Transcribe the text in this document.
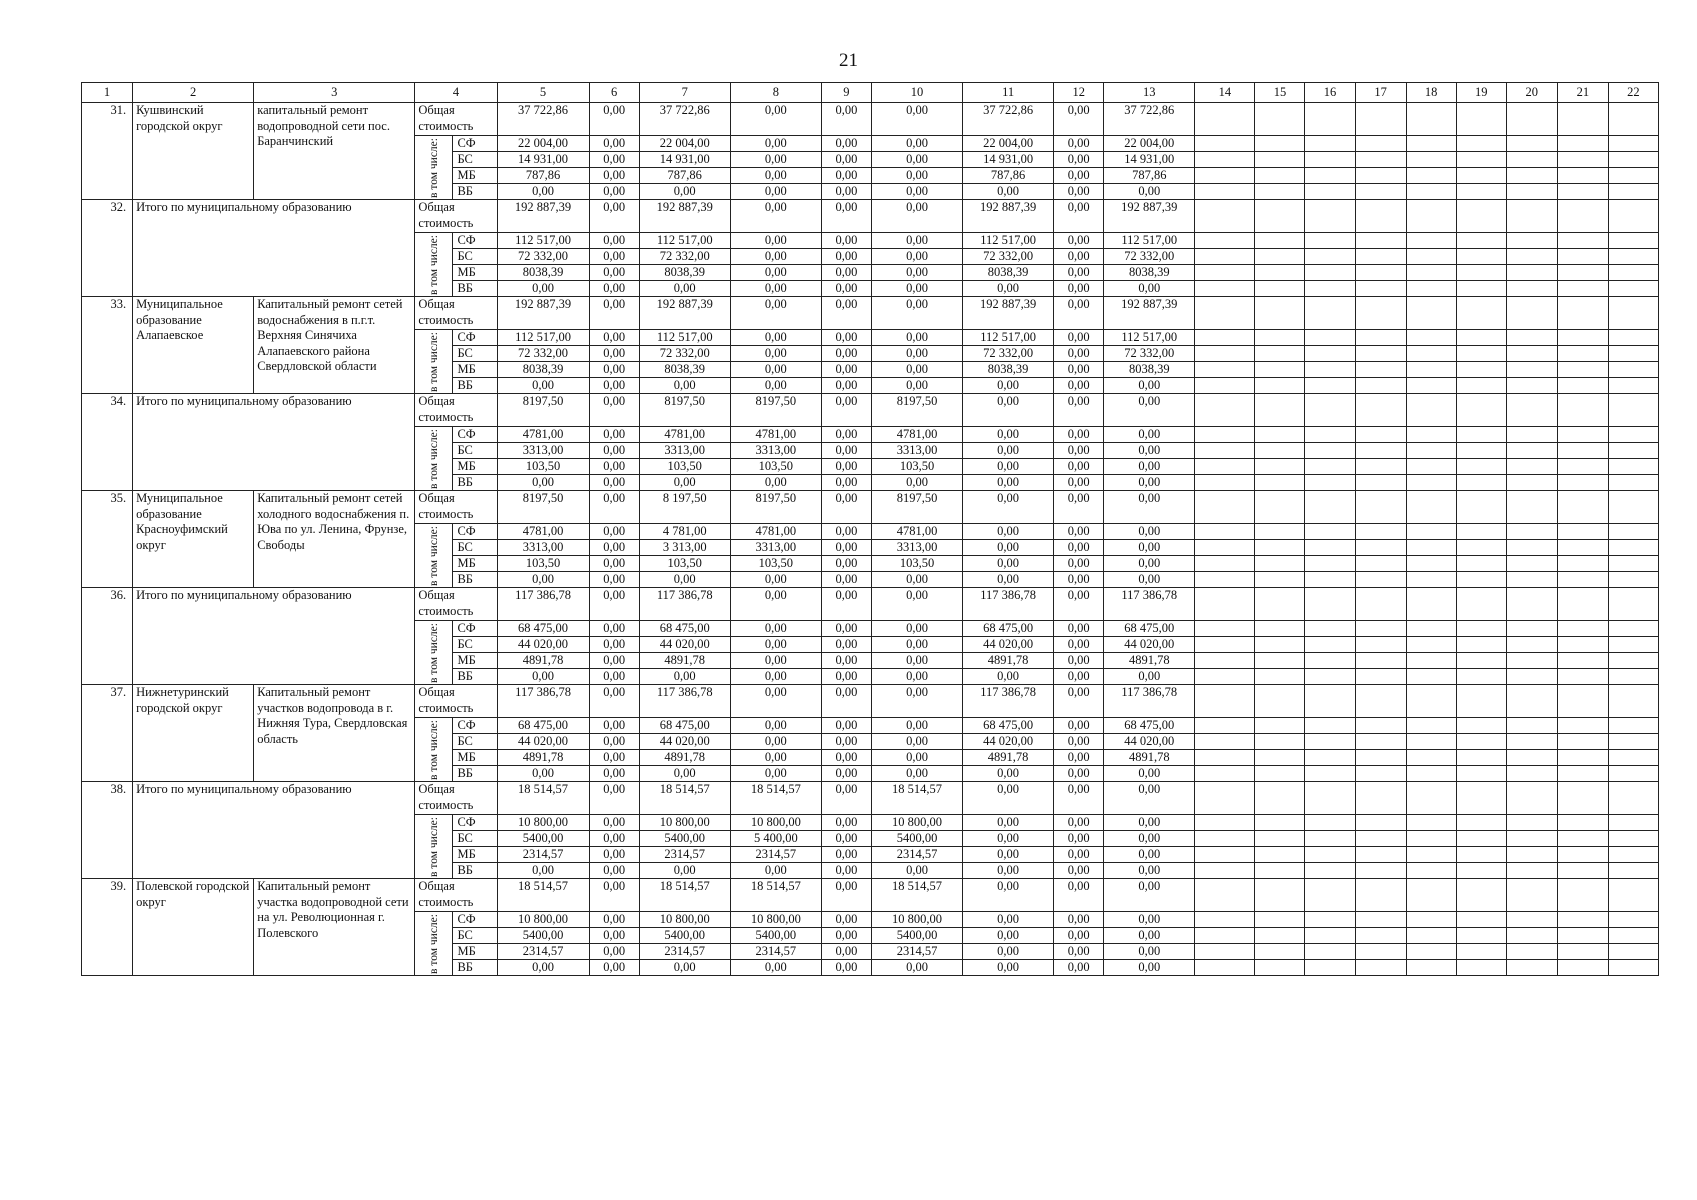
21
1	2	3	4		5	6	7	8	9	10	11	12	13	14	15	16	17	18	19	20	21	22
31.	Кушвинский городской округ	капитальный ремонт водопроводной сети пос. Баранчинский	Общая стоимость		37 722,86	0,00	37 722,86	0,00	0,00	0,00	37 722,86	0,00	37 722,86									

			в том числе:	СФ	22 004,00	0,00	22 004,00	0,00	0,00	0,00	22 004,00	0,00	22 004,00									
				БС	14 931,00	0,00	14 931,00	0,00	0,00	0,00	14 931,00	0,00	14 931,00									
				МБ	787,86	0,00	787,86	0,00	0,00	0,00	787,86	0,00	787,86									
				ВБ	0,00	0,00	0,00	0,00	0,00	0,00	0,00	0,00	0,00									
32.	Итого по муниципальному образованию		Общая стоимость		192 887,39	0,00	192 887,39	0,00	0,00	0,00	192 887,39	0,00	192 887,39									

			в том числе:	СФ	112 517,00	0,00	112 517,00	0,00	0,00	0,00	112 517,00	0,00	112 517,00									
				БС	72 332,00	0,00	72 332,00	0,00	0,00	0,00	72 332,00	0,00	72 332,00									
				МБ	8038,39	0,00	8038,39	0,00	0,00	0,00	8038,39	0,00	8038,39									
				ВБ	0,00	0,00	0,00	0,00	0,00	0,00	0,00	0,00	0,00									
33.	Муниципальное образование Алапаевское	Капитальный ремонт сетей водоснабжения в п.г.т. Верхняя Синячиха Алапаевского района Свердловской области	Общая стоимость		192 887,39	0,00	192 887,39	0,00	0,00	0,00	192 887,39	0,00	192 887,39									

			в том числе:	СФ	112 517,00	0,00	112 517,00	0,00	0,00	0,00	112 517,00	0,00	112 517,00									
				БС	72 332,00	0,00	72 332,00	0,00	0,00	0,00	72 332,00	0,00	72 332,00									
				МБ	8038,39	0,00	8038,39	0,00	0,00	0,00	8038,39	0,00	8038,39									
				ВБ	0,00	0,00	0,00	0,00	0,00	0,00	0,00	0,00	0,00									
34.	Итого по муниципальному образованию		Общая стоимость		8197,50	0,00	8197,50	8197,50	0,00	8197,50	0,00	0,00	0,00									

			в том числе:	СФ	4781,00	0,00	4781,00	4781,00	0,00	4781,00	0,00	0,00	0,00									
				БС	3313,00	0,00	3313,00	3313,00	0,00	3313,00	0,00	0,00	0,00									
				МБ	103,50	0,00	103,50	103,50	0,00	103,50	0,00	0,00	0,00									
				ВБ	0,00	0,00	0,00	0,00	0,00	0,00	0,00	0,00	0,00									
35.	Муниципальное образование Красноуфимский округ	Капитальный ремонт сетей холодного водоснабжения п. Юва по ул. Ленина, Фрунзе, Свободы	Общая стоимость		8197,50	0,00	8 197,50	8197,50	0,00	8197,50	0,00	0,00	0,00									

			в том числе:	СФ	4781,00	0,00	4 781,00	4781,00	0,00	4781,00	0,00	0,00	0,00									
				БС	3313,00	0,00	3 313,00	3313,00	0,00	3313,00	0,00	0,00	0,00									
				МБ	103,50	0,00	103,50	103,50	0,00	103,50	0,00	0,00	0,00									
				ВБ	0,00	0,00	0,00	0,00	0,00	0,00	0,00	0,00	0,00									
36.	Итого по муниципальному образованию		Общая стоимость		117 386,78	0,00	117 386,78	0,00	0,00	0,00	117 386,78	0,00	117 386,78									

			в том числе:	СФ	68 475,00	0,00	68 475,00	0,00	0,00	0,00	68 475,00	0,00	68 475,00									
				БС	44 020,00	0,00	44 020,00	0,00	0,00	0,00	44 020,00	0,00	44 020,00									
				МБ	4891,78	0,00	4891,78	0,00	0,00	0,00	4891,78	0,00	4891,78									
				ВБ	0,00	0,00	0,00	0,00	0,00	0,00	0,00	0,00	0,00									
37.	Нижнетуринский городской округ	Капитальный ремонт участков водопровода в г. Нижняя Тура, Свердловская область	Общая стоимость		117 386,78	0,00	117 386,78	0,00	0,00	0,00	117 386,78	0,00	117 386,78									

			в том числе:	СФ	68 475,00	0,00	68 475,00	0,00	0,00	0,00	68 475,00	0,00	68 475,00									
				БС	44 020,00	0,00	44 020,00	0,00	0,00	0,00	44 020,00	0,00	44 020,00									
				МБ	4891,78	0,00	4891,78	0,00	0,00	0,00	4891,78	0,00	4891,78									
				ВБ	0,00	0,00	0,00	0,00	0,00	0,00	0,00	0,00	0,00									
38.	Итого по муниципальному образованию		Общая стоимость		18 514,57	0,00	18 514,57	18 514,57	0,00	18 514,57	0,00	0,00	0,00									

			в том числе:	СФ	10 800,00	0,00	10 800,00	10 800,00	0,00	10 800,00	0,00	0,00	0,00									
				БС	5400,00	0,00	5400,00	5 400,00	0,00	5400,00	0,00	0,00	0,00									
				МБ	2314,57	0,00	2314,57	2314,57	0,00	2314,57	0,00	0,00	0,00									
				ВБ	0,00	0,00	0,00	0,00	0,00	0,00	0,00	0,00	0,00									
39.	Полевской городской округ	Капитальный ремонт участка водопроводной сети на ул. Революционная г. Полевского	Общая стоимость		18 514,57	0,00	18 514,57	18 514,57	0,00	18 514,57	0,00	0,00	0,00									

			в том числе:	СФ	10 800,00	0,00	10 800,00	10 800,00	0,00	10 800,00	0,00	0,00	0,00									
				БС	5400,00	0,00	5400,00	5400,00	0,00	5400,00	0,00	0,00	0,00									
				МБ	2314,57	0,00	2314,57	2314,57	0,00	2314,57	0,00	0,00	0,00									
				ВБ	0,00	0,00	0,00	0,00	0,00	0,00	0,00	0,00	0,00									
